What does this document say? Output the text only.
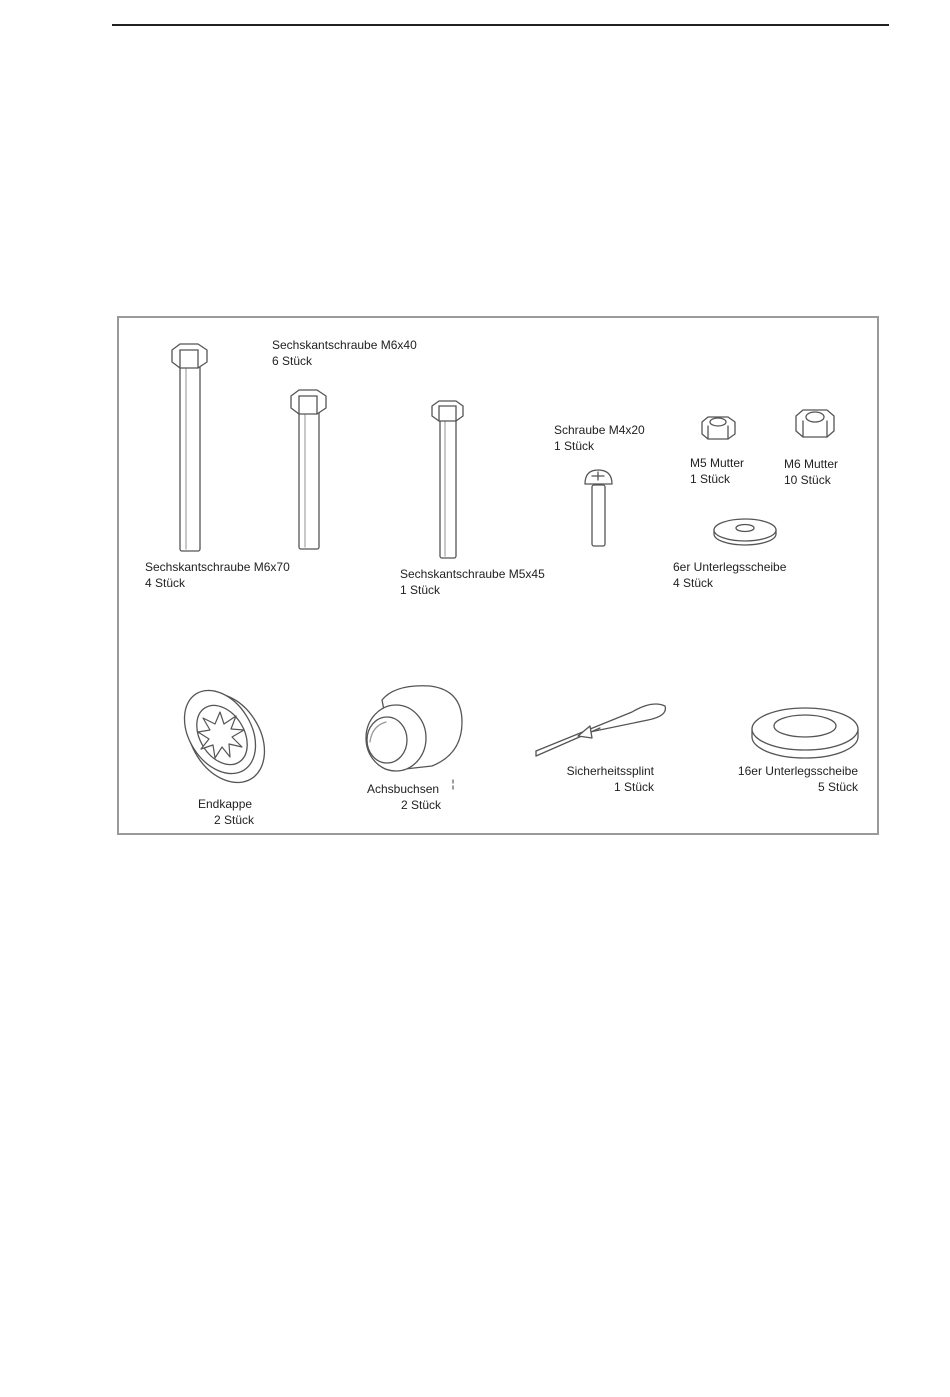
Sechskantschraube M6x70
4 Stück
Sechskantschraube M6x40
6 Stück
Sechskantschraube M5x45
1 Stück
Schraube M4x20
1 Stück
M5 Mutter
1 Stück
M6 Mutter
10 Stück
6er Unterlegsscheibe
4 Stück
Endkappe
2 Stück
Achsbuchsen
2 Stück
Sicherheitssplint
1 Stück
16er Unterlegsscheibe
5 Stück
